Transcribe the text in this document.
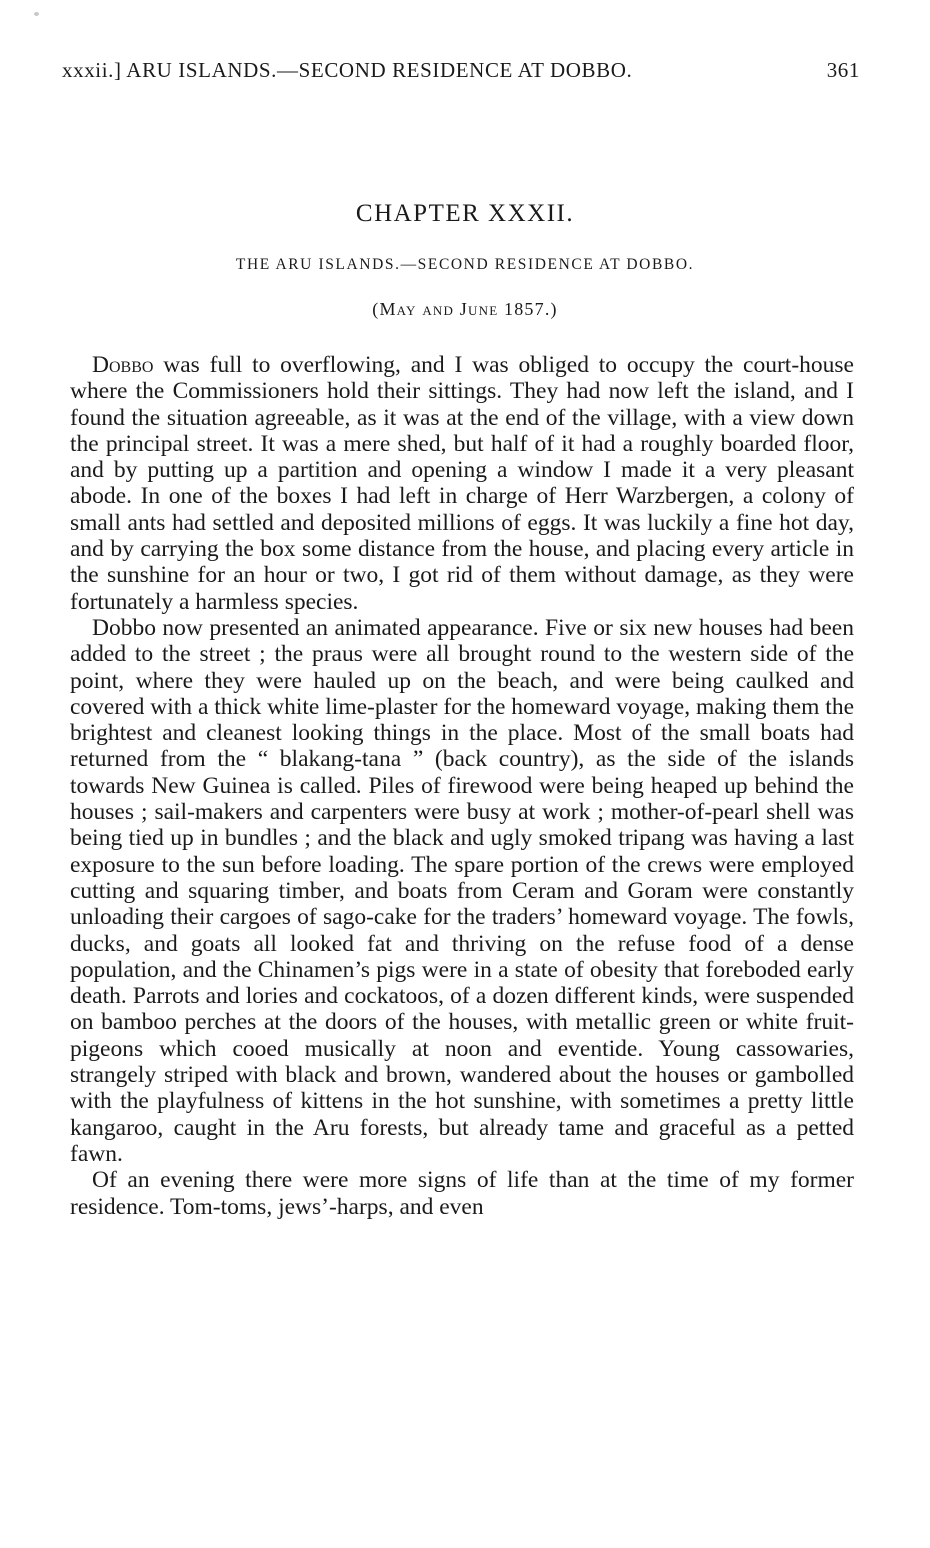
xxxii.] ARU ISLANDS.—SECOND RESIDENCE AT DOBBO.	361
CHAPTER XXXII.
THE ARU ISLANDS.—SECOND RESIDENCE AT DOBBO.
(May and June 1857.)

Dobbo was full to overflowing, and I was obliged to occupy the court-house where the Commissioners hold their sittings. They had now left the island, and I found the situation agreeable, as it was at the end of the village, with a view down the principal street. It was a mere shed, but half of it had a roughly boarded floor, and by putting up a partition and opening a window I made it a very pleasant abode. In one of the boxes I had left in charge of Herr Warzbergen, a colony of small ants had settled and deposited millions of eggs. It was luckily a fine hot day, and by carrying the box some distance from the house, and placing every article in the sunshine for an hour or two, I got rid of them without damage, as they were fortunately a harmless species.

Dobbo now presented an animated appearance. Five or six new houses had been added to the street ; the praus were all brought round to the western side of the point, where they were hauled up on the beach, and were being caulked and covered with a thick white lime-plaster for the homeward voyage, making them the brightest and cleanest looking things in the place. Most of the small boats had returned from the “ blakang-tana ” (back country), as the side of the islands towards New Guinea is called. Piles of firewood were being heaped up behind the houses ; sail-makers and carpenters were busy at work ; mother-of-pearl shell was being tied up in bundles ; and the black and ugly smoked tripang was having a last exposure to the sun before loading. The spare portion of the crews were employed cutting and squaring timber, and boats from Ceram and Goram were constantly unloading their cargoes of sago-cake for the traders’ homeward voyage. The fowls, ducks, and goats all looked fat and thriving on the refuse food of a dense population, and the Chinamen’s pigs were in a state of obesity that foreboded early death. Parrots and lories and cockatoos, of a dozen different kinds, were suspended on bamboo perches at the doors of the houses, with metallic green or white fruit-pigeons which cooed musically at noon and eventide. Young cassowaries, strangely striped with black and brown, wandered about the houses or gambolled with the playfulness of kittens in the hot sunshine, with sometimes a pretty little kangaroo, caught in the Aru forests, but already tame and graceful as a petted fawn.

Of an evening there were more signs of life than at the time of my former residence. Tom-toms, jews’-harps, and even
